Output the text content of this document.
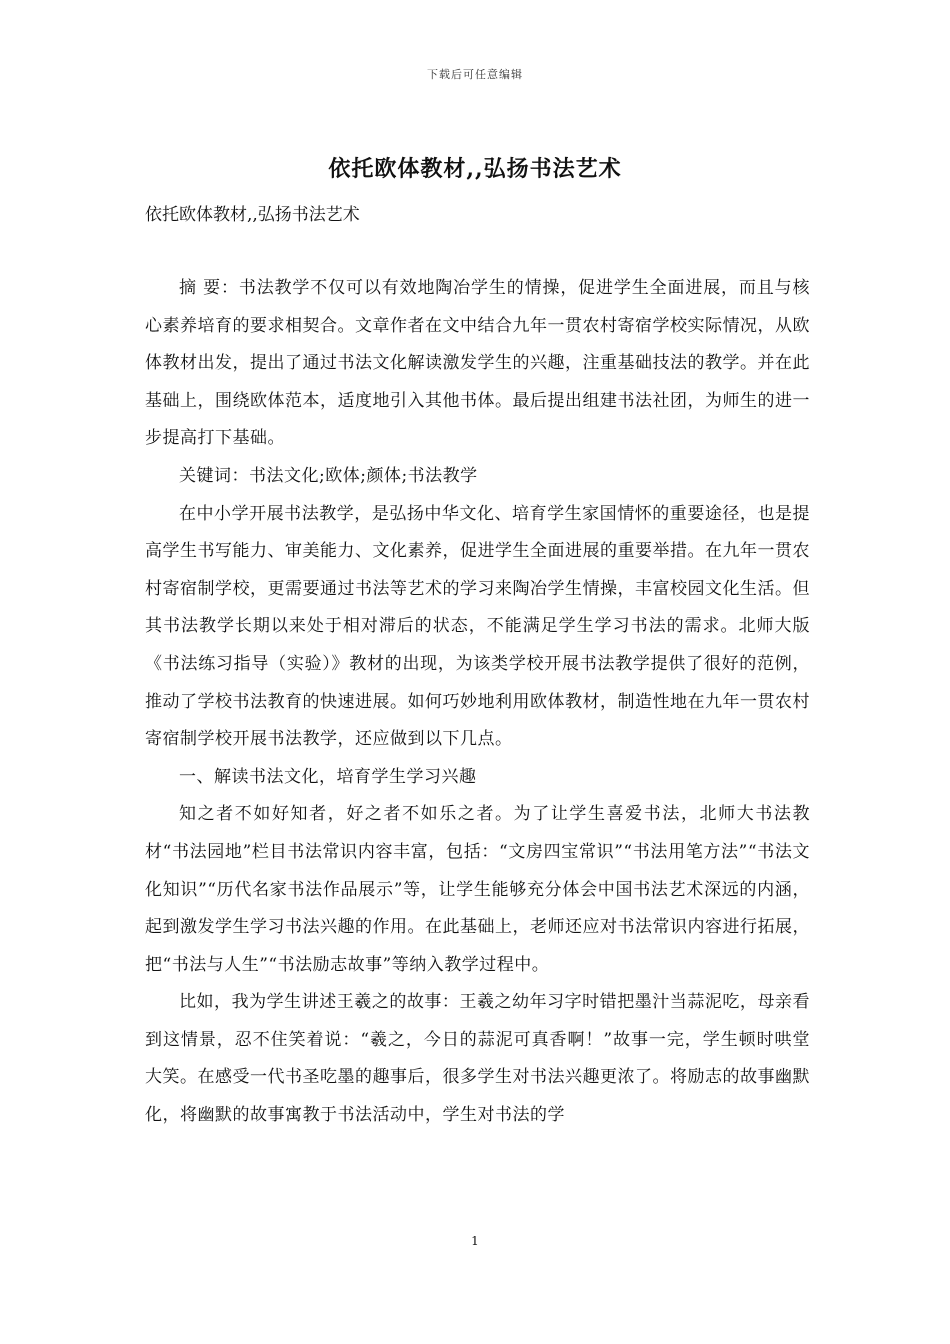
下载后可任意编辑
依托欧体教材,,弘扬书法艺术
依托欧体教材,,弘扬书法艺术

摘 要：书法教学不仅可以有效地陶冶学生的情操，促进学生全面进展，而且与核心素养培育的要求相契合。文章作者在文中结合九年一贯农村寄宿学校实际情况，从欧体教材出发，提出了通过书法文化解读激发学生的兴趣，注重基础技法的教学。并在此基础上，围绕欧体范本，适度地引入其他书体。最后提出组建书法社团，为师生的进一步提高打下基础。

关键词：书法文化;欧体;颜体;书法教学

在中小学开展书法教学，是弘扬中华文化、培育学生家国情怀的重要途径，也是提高学生书写能力、审美能力、文化素养，促进学生全面进展的重要举措。在九年一贯农村寄宿制学校，更需要通过书法等艺术的学习来陶冶学生情操，丰富校园文化生活。但其书法教学长期以来处于相对滞后的状态，不能满足学生学习书法的需求。北师大版《书法练习指导（实验）》教材的出现，为该类学校开展书法教学提供了很好的范例，推动了学校书法教育的快速进展。如何巧妙地利用欧体教材，制造性地在九年一贯农村寄宿制学校开展书法教学，还应做到以下几点。

一、解读书法文化，培育学生学习兴趣

知之者不如好知者，好之者不如乐之者。为了让学生喜爱书法，北师大书法教材“书法园地”栏目书法常识内容丰富，包括：“文房四宝常识”“书法用笔方法”“书法文化知识”“历代名家书法作品展示”等，让学生能够充分体会中国书法艺术深远的内涵，起到激发学生学习书法兴趣的作用。在此基础上，老师还应对书法常识内容进行拓展，把“书法与人生”“书法励志故事”等纳入教学过程中。

比如，我为学生讲述王羲之的故事：王羲之幼年习字时错把墨汁当蒜泥吃，母亲看到这情景，忍不住笑着说：“羲之，今日的蒜泥可真香啊！”故事一完，学生顿时哄堂大笑。在感受一代书圣吃墨的趣事后，很多学生对书法兴趣更浓了。将励志的故事幽默化，将幽默的故事寓教于书法活动中，学生对书法的学

1
